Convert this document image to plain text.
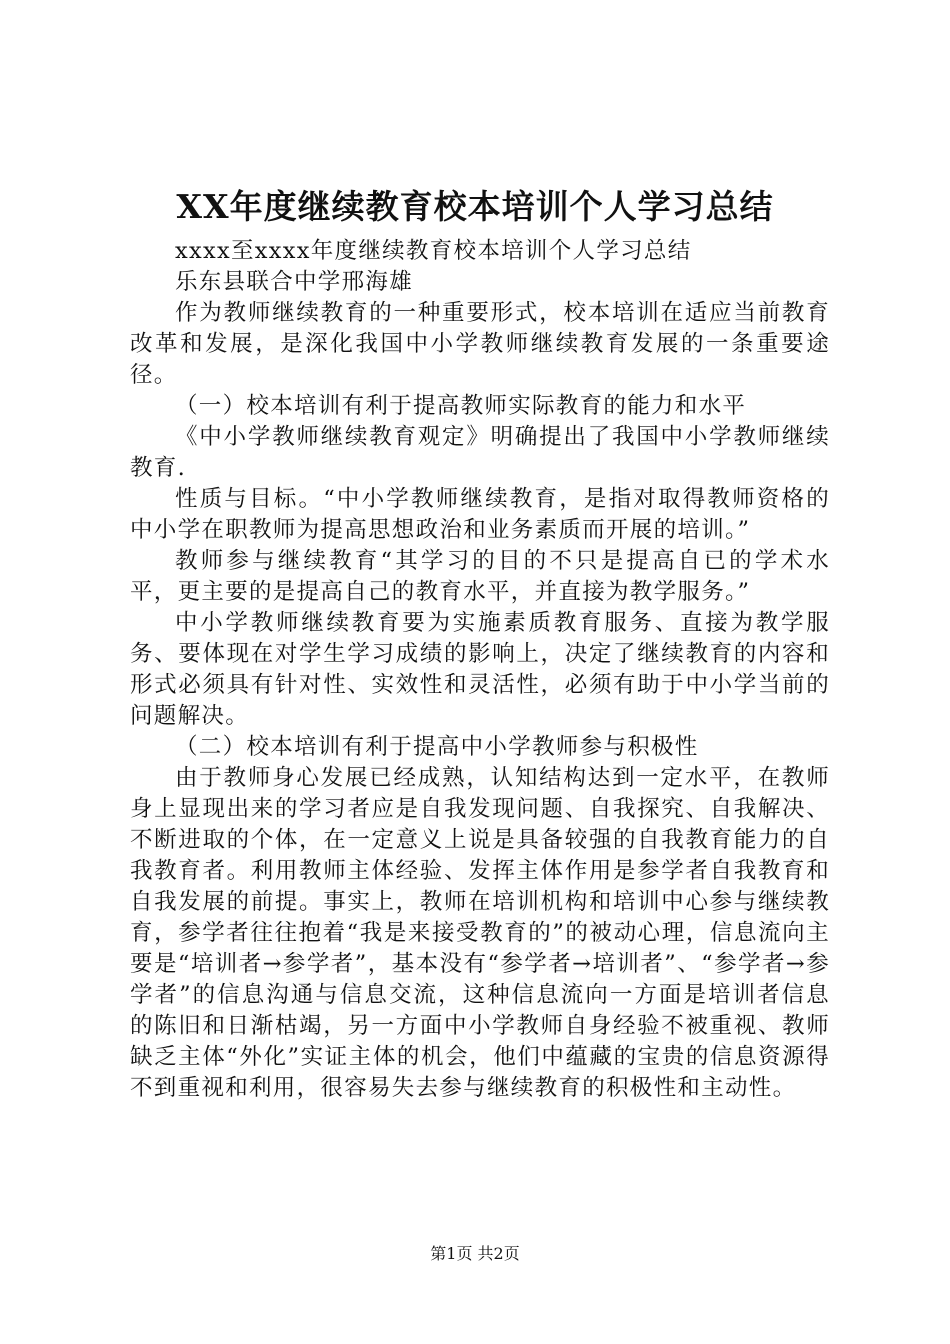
XX年度继续教育校本培训个人学习总结

xxxx至xxxx年度继续教育校本培训个人学习总结

乐东县联合中学邢海雄

作为教师继续教育的一种重要形式，校本培训在适应当前教育改革和发展，是深化我国中小学教师继续教育发展的一条重要途径。

（一）校本培训有利于提高教师实际教育的能力和水平

《中小学教师继续教育观定》明确提出了我国中小学教师继续教育.

性质与目标。“中小学教师继续教育，是指对取得教师资格的中小学在职教师为提高思想政治和业务素质而开展的培训。”

教师参与继续教育“其学习的目的不只是提高自已的学术水平，更主要的是提高自己的教育水平，并直接为教学服务。”

中小学教师继续教育要为实施素质教育服务、直接为教学服务、要体现在对学生学习成绩的影响上，决定了继续教育的内容和形式必须具有针对性、实效性和灵活性，必须有助于中小学当前的问题解决。

（二）校本培训有利于提高中小学教师参与积极性

由于教师身心发展已经成熟，认知结构达到一定水平，在教师身上显现出来的学习者应是自我发现问题、自我探究、自我解决、不断进取的个体，在一定意义上说是具备较强的自我教育能力的自我教育者。利用教师主体经验、发挥主体作用是参学者自我教育和自我发展的前提。事实上，教师在培训机构和培训中心参与继续教育，参学者往往抱着“我是来接受教育的”的被动心理，信息流向主要是“培训者→参学者”，基本没有“参学者→培训者”、“参学者→参学者”的信息沟通与信息交流，这种信息流向一方面是培训者信息的陈旧和日渐枯竭，另一方面中小学教师自身经验不被重视、教师缺乏主体“外化”实证主体的机会，他们中蕴藏的宝贵的信息资源得不到重视和利用，很容易失去参与继续教育的积极性和主动性。

第1页 共2页
